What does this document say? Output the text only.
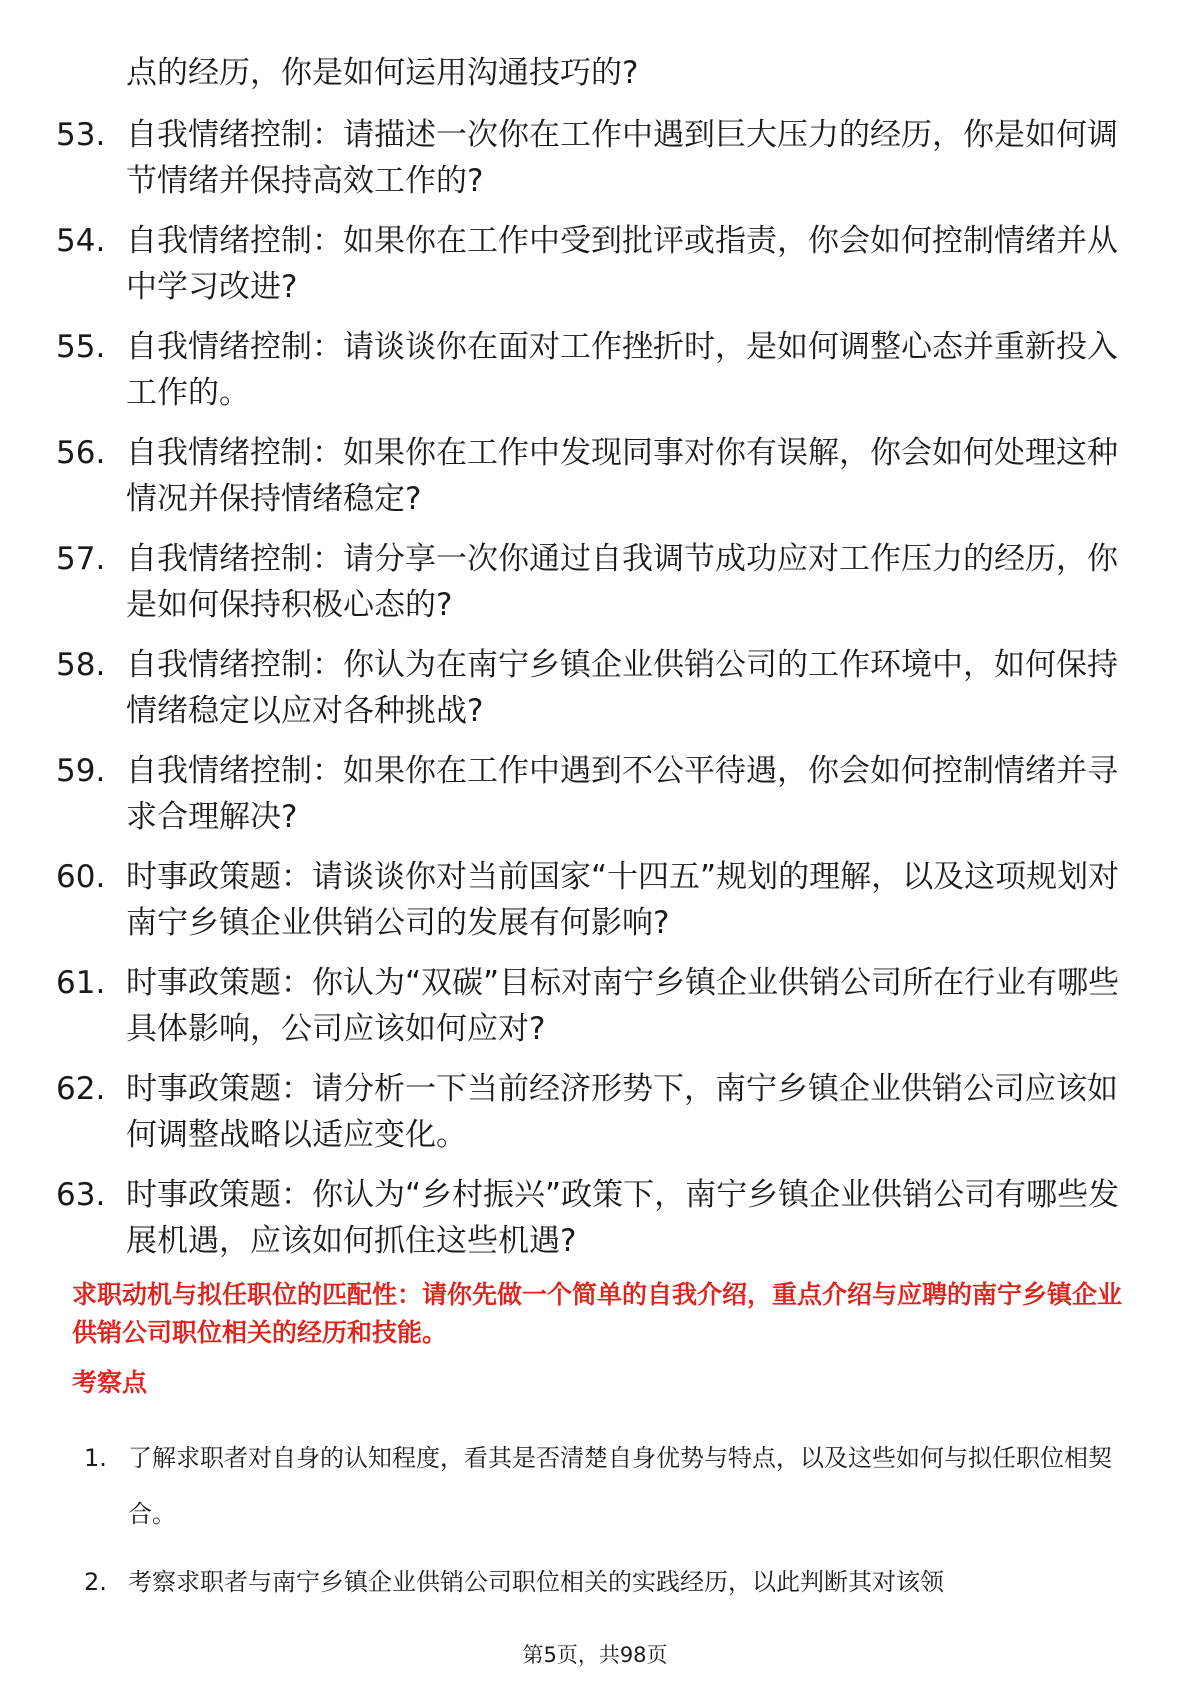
点的经历，你是如何运用沟通技巧的?
53. 自我情绪控制：请描述一次你在工作中遇到巨大压力的经历，你是如何调节情绪并保持高效工作的?
54. 自我情绪控制：如果你在工作中受到批评或指责，你会如何控制情绪并从中学习改进?
55. 自我情绪控制：请谈谈你在面对工作挫折时，是如何调整心态并重新投入工作的。
56. 自我情绪控制：如果你在工作中发现同事对你有误解，你会如何处理这种情况并保持情绪稳定?
57. 自我情绪控制：请分享一次你通过自我调节成功应对工作压力的经历，你是如何保持积极心态的?
58. 自我情绪控制：你认为在南宁乡镇企业供销公司的工作环境中，如何保持情绪稳定以应对各种挑战?
59. 自我情绪控制：如果你在工作中遇到不公平待遇，你会如何控制情绪并寻求合理解决?
60. 时事政策题：请谈谈你对当前国家“十四五”规划的理解，以及这项规划对南宁乡镇企业供销公司的发展有何影响?
61. 时事政策题：你认为“双碳”目标对南宁乡镇企业供销公司所在行业有哪些具体影响，公司应该如何应对?
62. 时事政策题：请分析一下当前经济形势下，南宁乡镇企业供销公司应该如何调整战略以适应变化。
63. 时事政策题：你认为“乡村振兴”政策下，南宁乡镇企业供销公司有哪些发展机遇，应该如何抓住这些机遇?
求职动机与拟任职位的匹配性：请你先做一个简单的自我介绍，重点介绍与应聘的南宁乡镇企业供销公司职位相关的经历和技能。
考察点
1. 了解求职者对自身的认知程度，看其是否清楚自身优势与特点，以及这些如何与拟任职位相契合。
2. 考察求职者与南宁乡镇企业供销公司职位相关的实践经历，以此判断其对该领
第5页，共98页
